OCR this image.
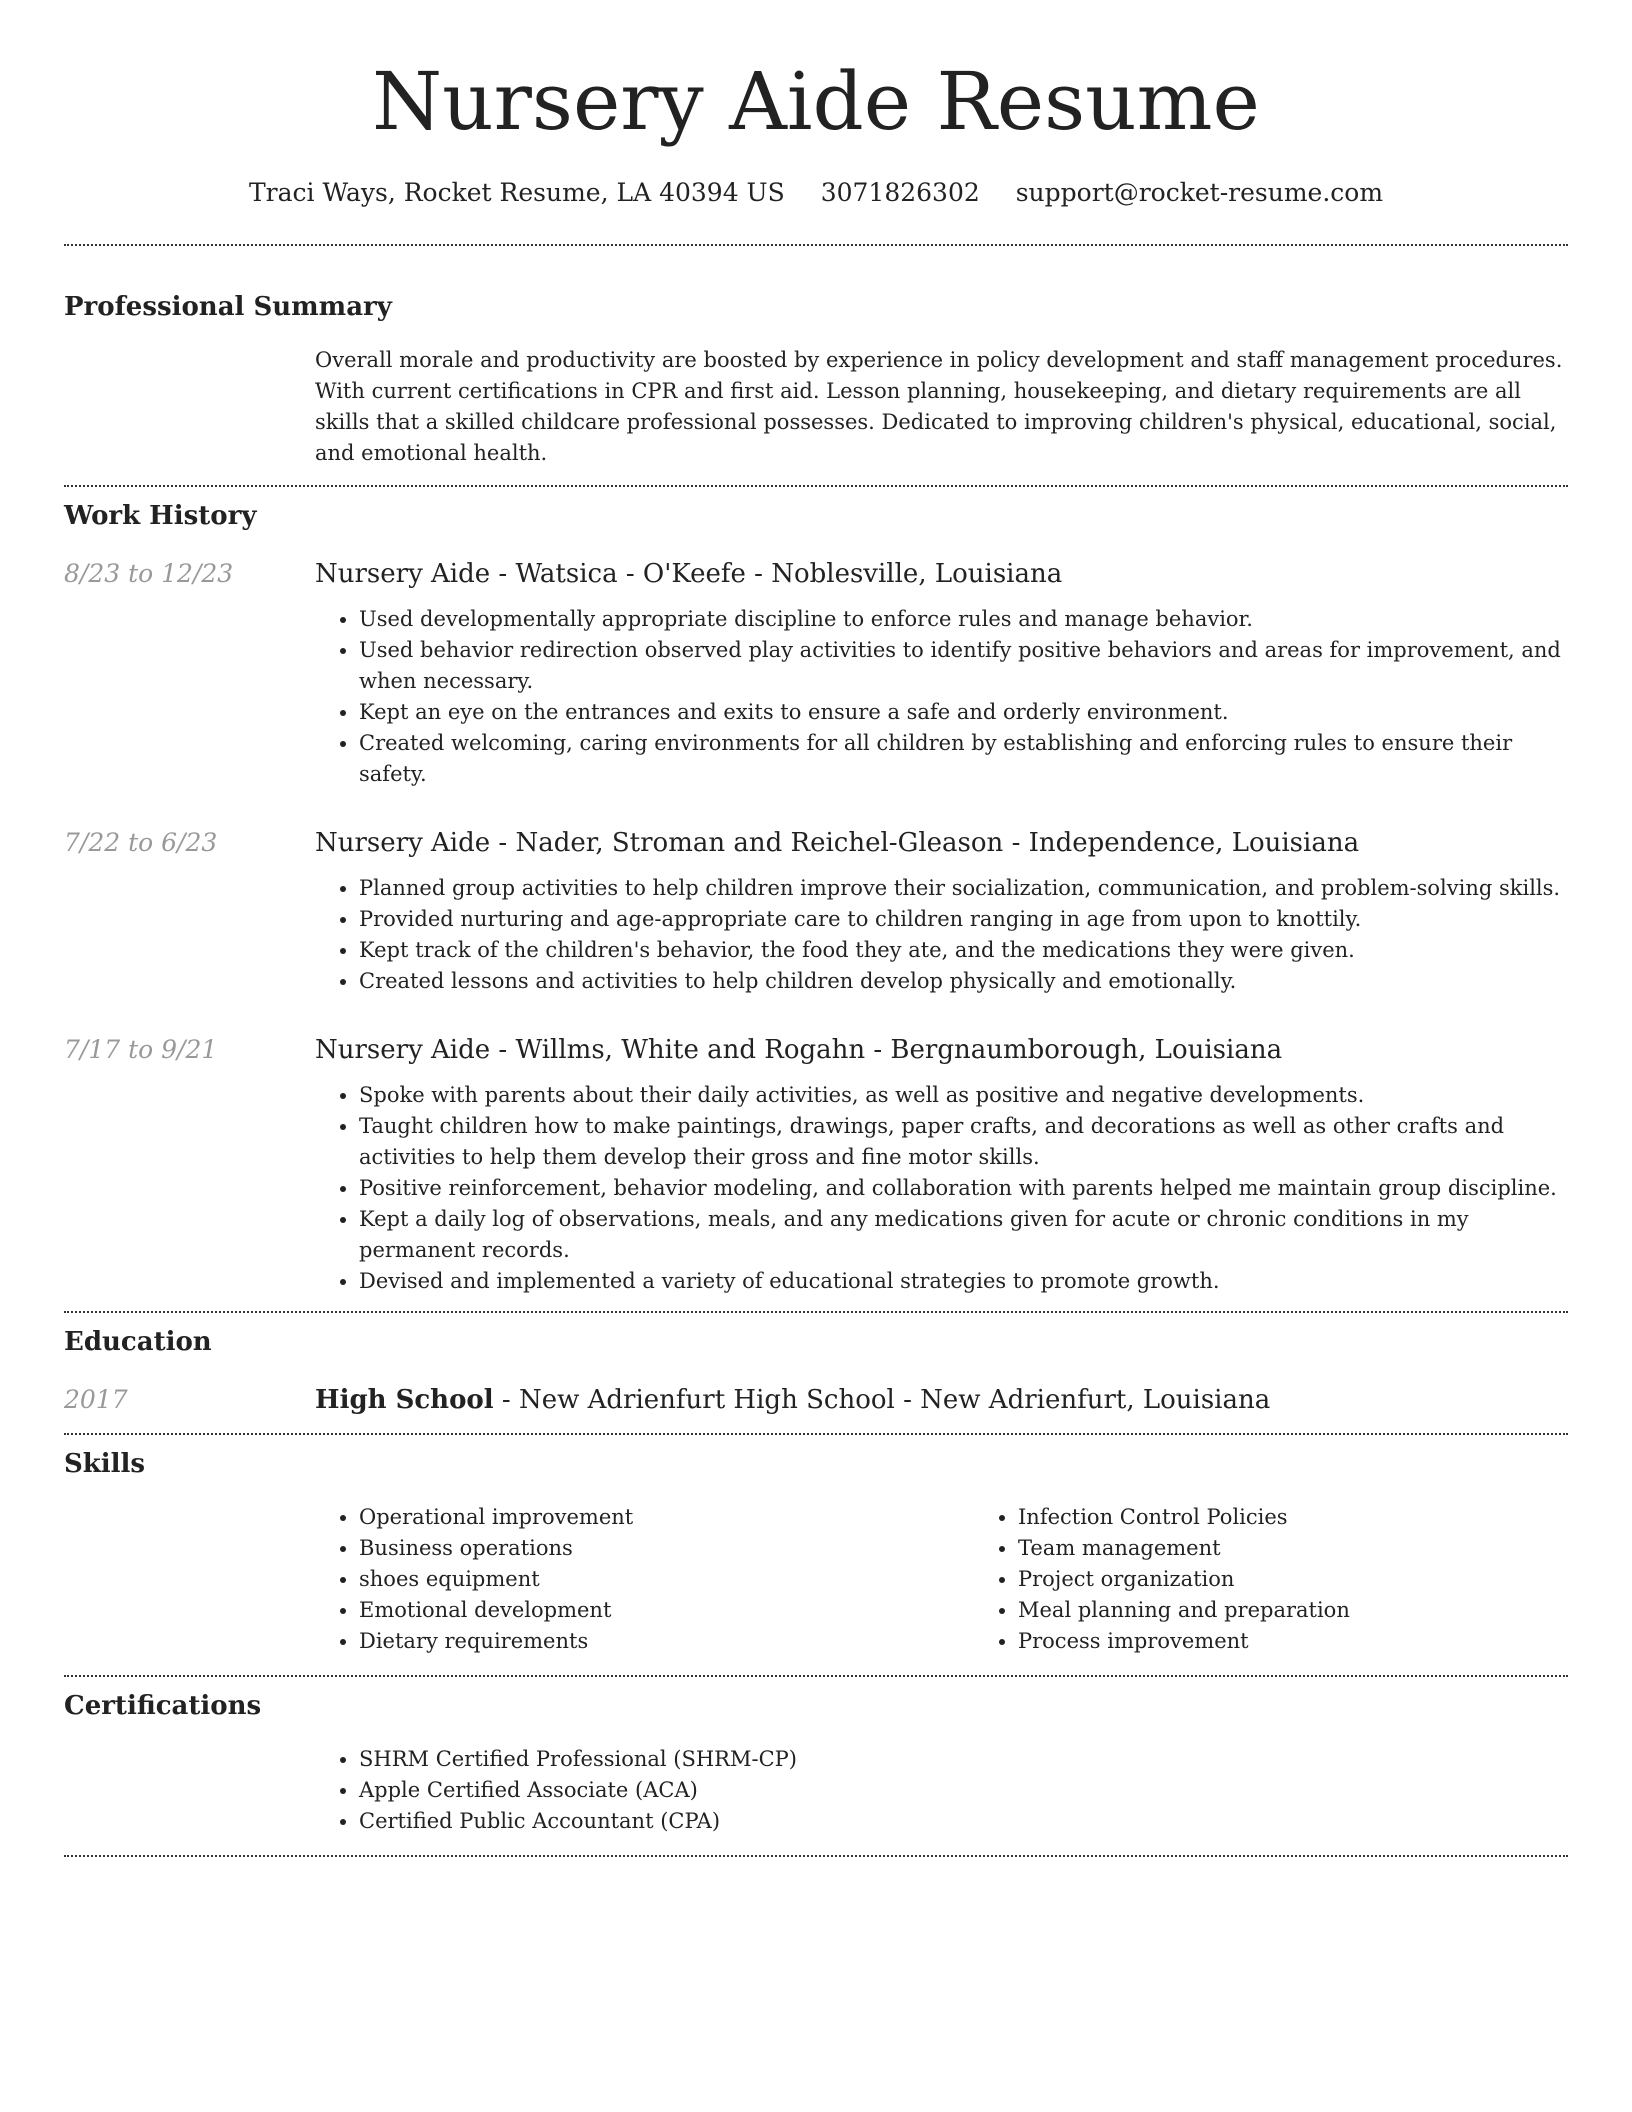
Nursery Aide Resume
Traci Ways, Rocket Resume, LA 40394 US 3071826302 support@rocket-resume.com
Professional Summary

Overall morale and productivity are boosted by experience in policy development and staff management procedures. With current certifications in CPR and first aid. Lesson planning, housekeeping, and dietary requirements are all skills that a skilled childcare professional possesses. Dedicated to improving children's physical, educational, social, and emotional health.

Work History
8/23 to 12/23	Nursery Aide - Watsica - O'Keefe - Noblesville, Louisiana
• Used developmentally appropriate discipline to enforce rules and manage behavior.
• Used behavior redirection observed play activities to identify positive behaviors and areas for improvement, and when necessary.
• Kept an eye on the entrances and exits to ensure a safe and orderly environment.
• Created welcoming, caring environments for all children by establishing and enforcing rules to ensure their safety.
7/22 to 6/23	Nursery Aide - Nader, Stroman and Reichel-Gleason - Independence, Louisiana
• Planned group activities to help children improve their socialization, communication, and problem-solving skills.
• Provided nurturing and age-appropriate care to children ranging in age from upon to knottily.
• Kept track of the children's behavior, the food they ate, and the medications they were given.
• Created lessons and activities to help children develop physically and emotionally.
7/17 to 9/21	Nursery Aide - Willms, White and Rogahn - Bergnaumborough, Louisiana
• Spoke with parents about their daily activities, as well as positive and negative developments.
• Taught children how to make paintings, drawings, paper crafts, and decorations as well as other crafts and activities to help them develop their gross and fine motor skills.
• Positive reinforcement, behavior modeling, and collaboration with parents helped me maintain group discipline.
• Kept a daily log of observations, meals, and any medications given for acute or chronic conditions in my permanent records.
• Devised and implemented a variety of educational strategies to promote growth.
Education
2017	High School - New Adrienfurt High School - New Adrienfurt, Louisiana
Skills
• Operational improvement
• Business operations
• shoes equipment
• Emotional development
• Dietary requirements
• Infection Control Policies
• Team management
• Project organization
• Meal planning and preparation
• Process improvement
Certifications
• SHRM Certified Professional (SHRM-CP)
• Apple Certified Associate (ACA)
• Certified Public Accountant (CPA)
